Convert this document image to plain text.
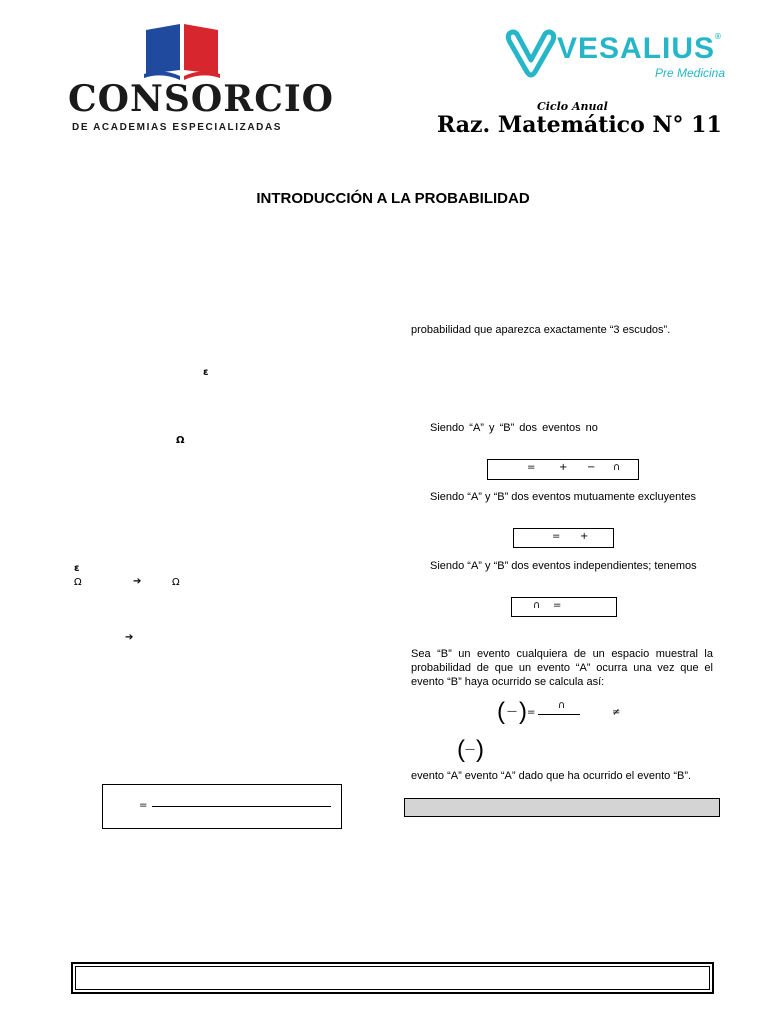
CONSORCIO
DE ACADEMIAS ESPECIALIZADAS
VESALIUS®
Pre Medicina
Ciclo Anual
Raz. Matemático N° 11
INTRODUCCIÓN A LA PROBABILIDAD
ε
Ω
ε
Ω	➔	Ω
➔
=
probabilidad que aparezca exactamente “3 escudos”.
Siendo “A” y “B” dos eventos no
= + − ∩
Siendo “A” y “B” dos eventos mutuamente excluyentes
= +
Siendo “A” y “B” dos eventos independientes; tenemos
∩ =
Sea “B” un evento cualquiera de un espacio muestral la probabilidad de que un evento “A” ocurra una vez que el evento “B” haya ocurrido se calcula así:
( — ) =
∩
≠
( — )
evento “A” evento “A” dado que ha ocurrido el evento “B”.
